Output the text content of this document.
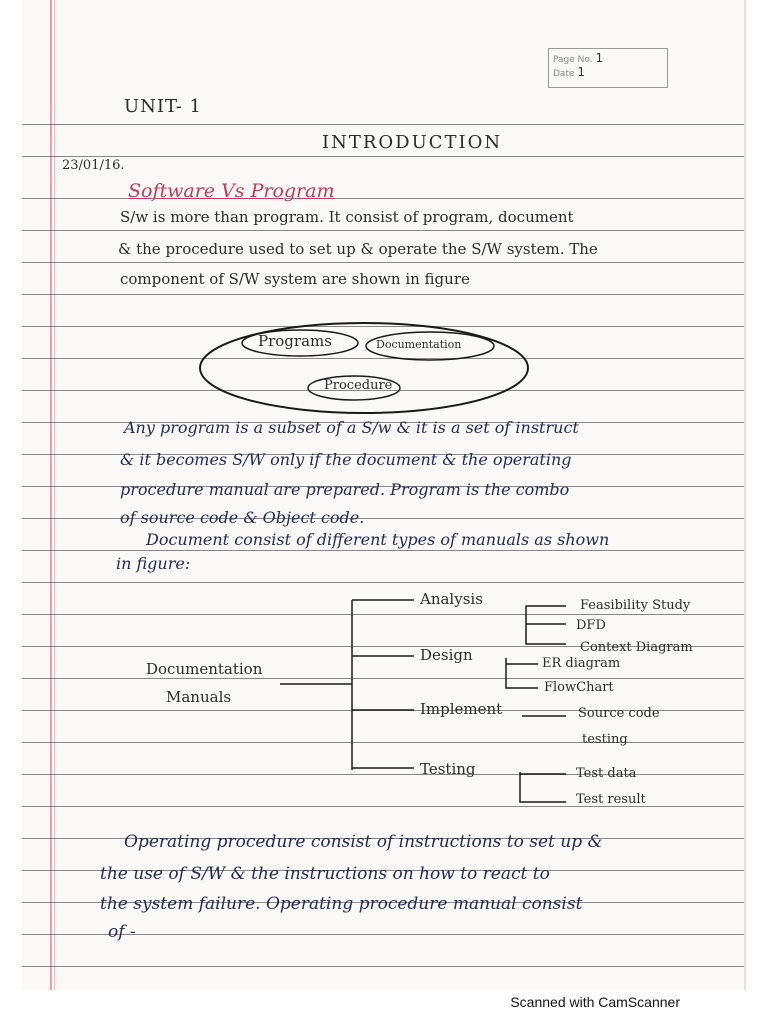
Page No. 1
Date 1
UNIT- 1
INTRODUCTION
23/01/16.
Software Vs Program
S/w is more than program. It consist of program, document
& the procedure used to set up & operate the S/W system. The
component of S/W system are shown in figure
Programs	Documentation
Procedure
Any program is a subset of a S/w & it is a set of instruct
& it becomes S/W only if the document & the operating
procedure manual are prepared. Program is the combo
of source code & Object code.
Document consist of different types of manuals as shown
in figure:
Documentation
Manuals
Analysis	Feasibility Study
DFD
Context Diagram
Design	ER diagram
FlowChart
Implement	Source code
testing
Testing	Test data
Test result
Operating procedure consist of instructions to set up &
the use of S/W & the instructions on how to react to
the system failure. Operating procedure manual consist
of -
Scanned with CamScanner
